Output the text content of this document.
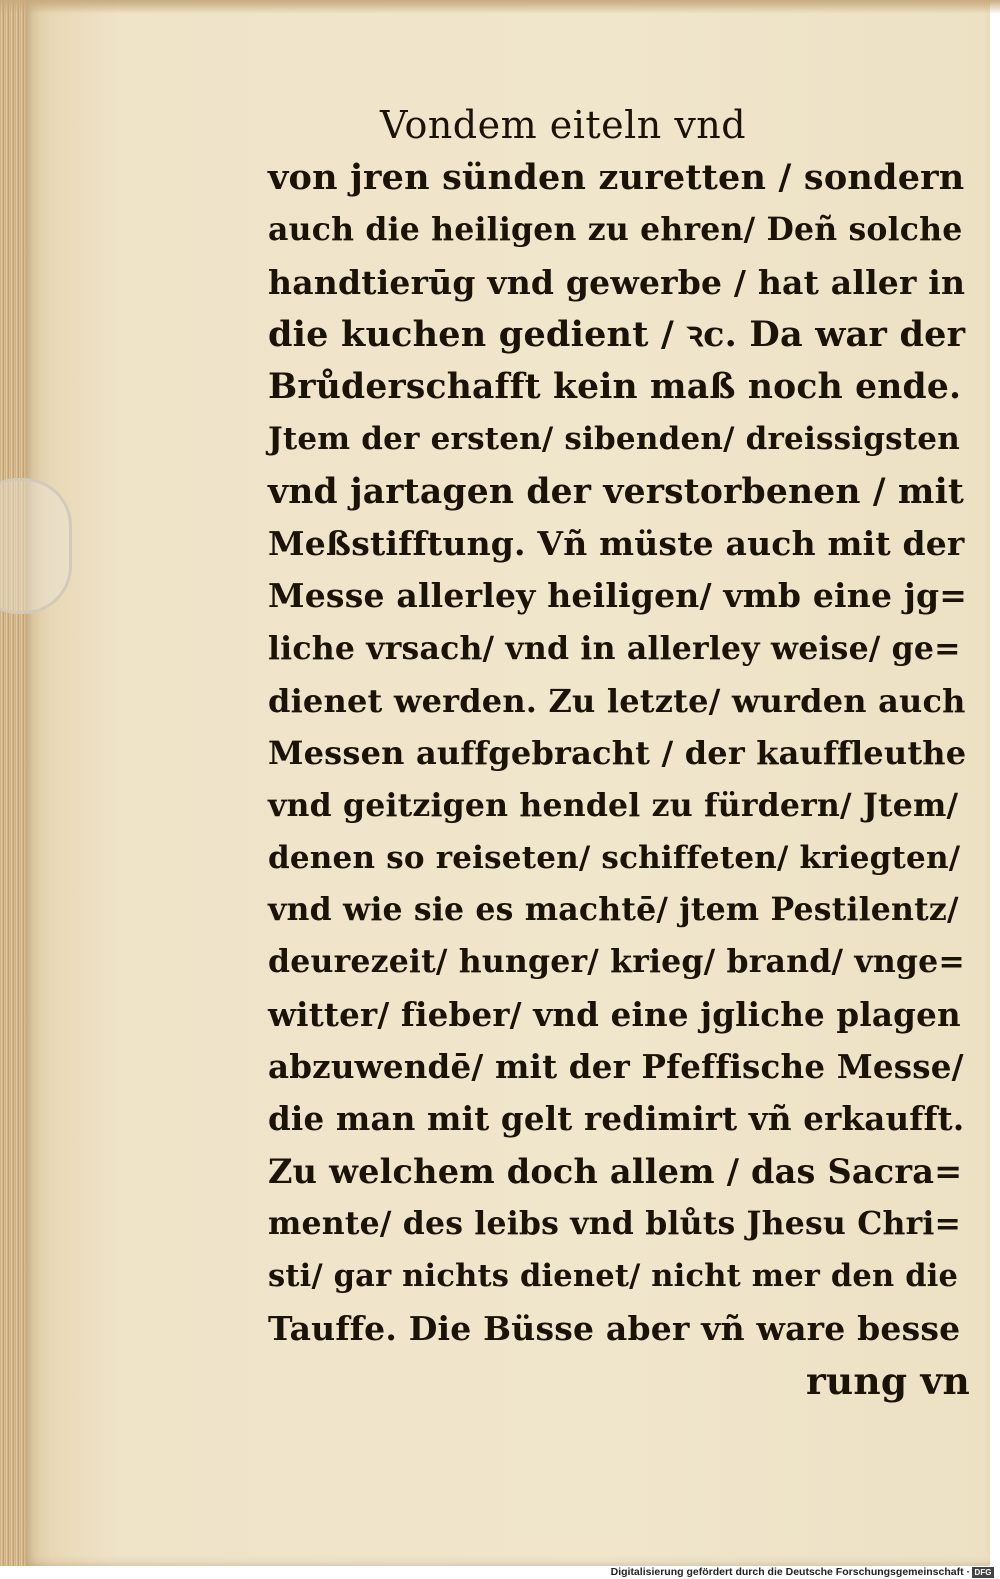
Vondem eiteln vnd
von jren sünden zuretten / sondern
auch die heiligen zu ehren/ Deñ solche
handtierūg vnd gewerbe / hat aller in
die kuchen gedient / ꝛc. Da war der
Brůderschafft kein maß noch ende.
Jtem der ersten/ sibenden/ dreissigsten
vnd jartagen der verstorbenen / mit
Meßstifftung. Vñ müste auch mit der
Messe allerley heiligen/ vmb eine jg=
liche vrsach/ vnd in allerley weise/ ge=
dienet werden. Zu letzte/ wurden auch
Messen auffgebracht / der kauffleuthe
vnd geitzigen hendel zu fürdern/ Jtem/
denen so reiseten/ schiffeten/ kriegten/
vnd wie sie es machtē/ jtem Pestilentz/
deurezeit/ hunger/ krieg/ brand/ vnge=
witter/ fieber/ vnd eine jgliche plagen
abzuwendē/ mit der Pfeffische Messe/
die man mit gelt redimirt vñ erkaufft.
Zu welchem doch allem / das Sacra=
mente/ des leibs vnd blůts Jhesu Chri=
sti/ gar nichts dienet/ nicht mer den die
Tauffe. Die Büsse aber vñ ware besse
rung vn
Digitalisierung gefördert durch die Deutsche Forschungsgemeinschaft · DFG
